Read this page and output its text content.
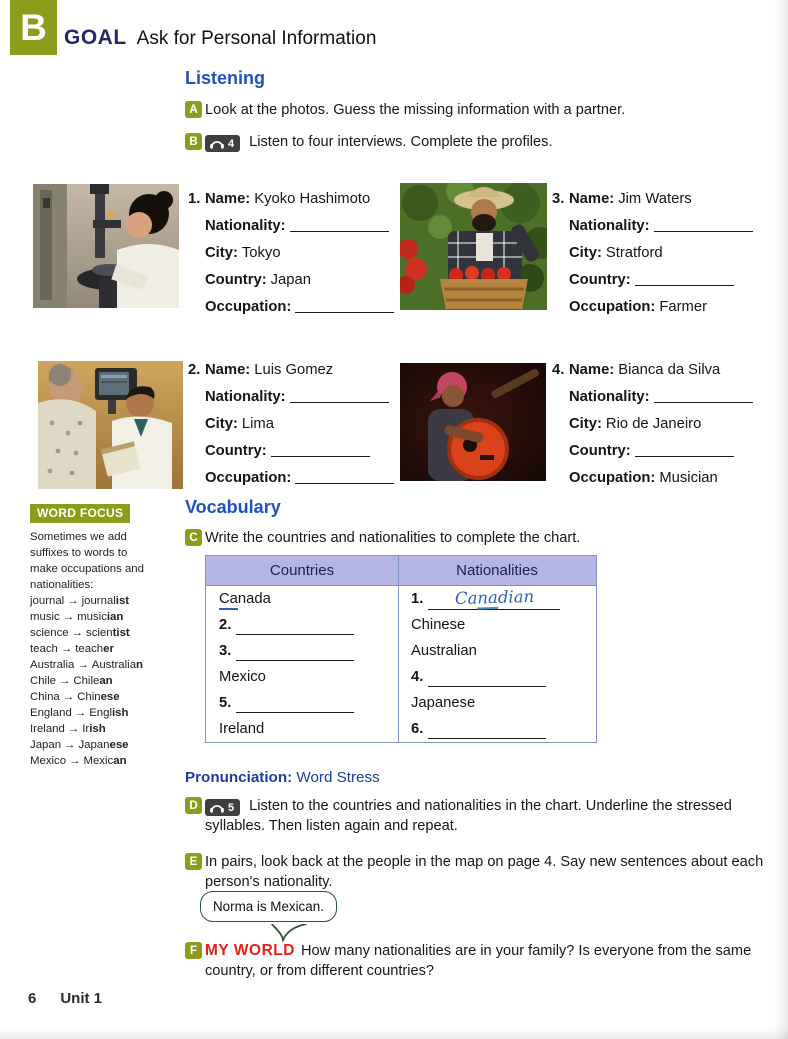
B GOAL Ask for Personal Information
Listening
A Look at the photos. Guess the missing information with a partner.
B	4 Listen to four interviews. Complete the profiles.
1. Name: Kyoko Hashimoto
Nationality:
City: Tokyo
Country: Japan
Occupation:
3. Name: Jim Waters
Nationality:
City: Stratford
Country:
Occupation: Farmer
2. Name: Luis Gomez
Nationality:
City: Lima
Country:
Occupation:
4. Name: Bianca da Silva
Nationality:
City: Rio de Janeiro
Country:
Occupation: Musician
WORD FOCUS
Sometimes we add suffixes to words to make occupations and nationalities:
journal → journalist
music → musician
science → scientist
teach → teacher
Australia → Australian
Chile → Chilean
China → Chinese
England → English
Ireland → Irish
Japan → Japanese
Mexico → Mexican
Vocabulary
C Write the countries and nationalities to complete the chart.
Countries	Nationalities
Canada	1.	Canadian
2.	Chinese
3.	Australian
Mexico	4.
5.	Japanese
Ireland	6.
Pronunciation: Word Stress
D	5 Listen to the countries and nationalities in the chart. Underline the stressed syllables. Then listen again and repeat.
E In pairs, look back at the people in the map on page 4. Say new sentences about each person's nationality.
Norma is Mexican.
F MY WORLD How many nationalities are in your family? Is everyone from the same country, or from different countries?
6 Unit 1
